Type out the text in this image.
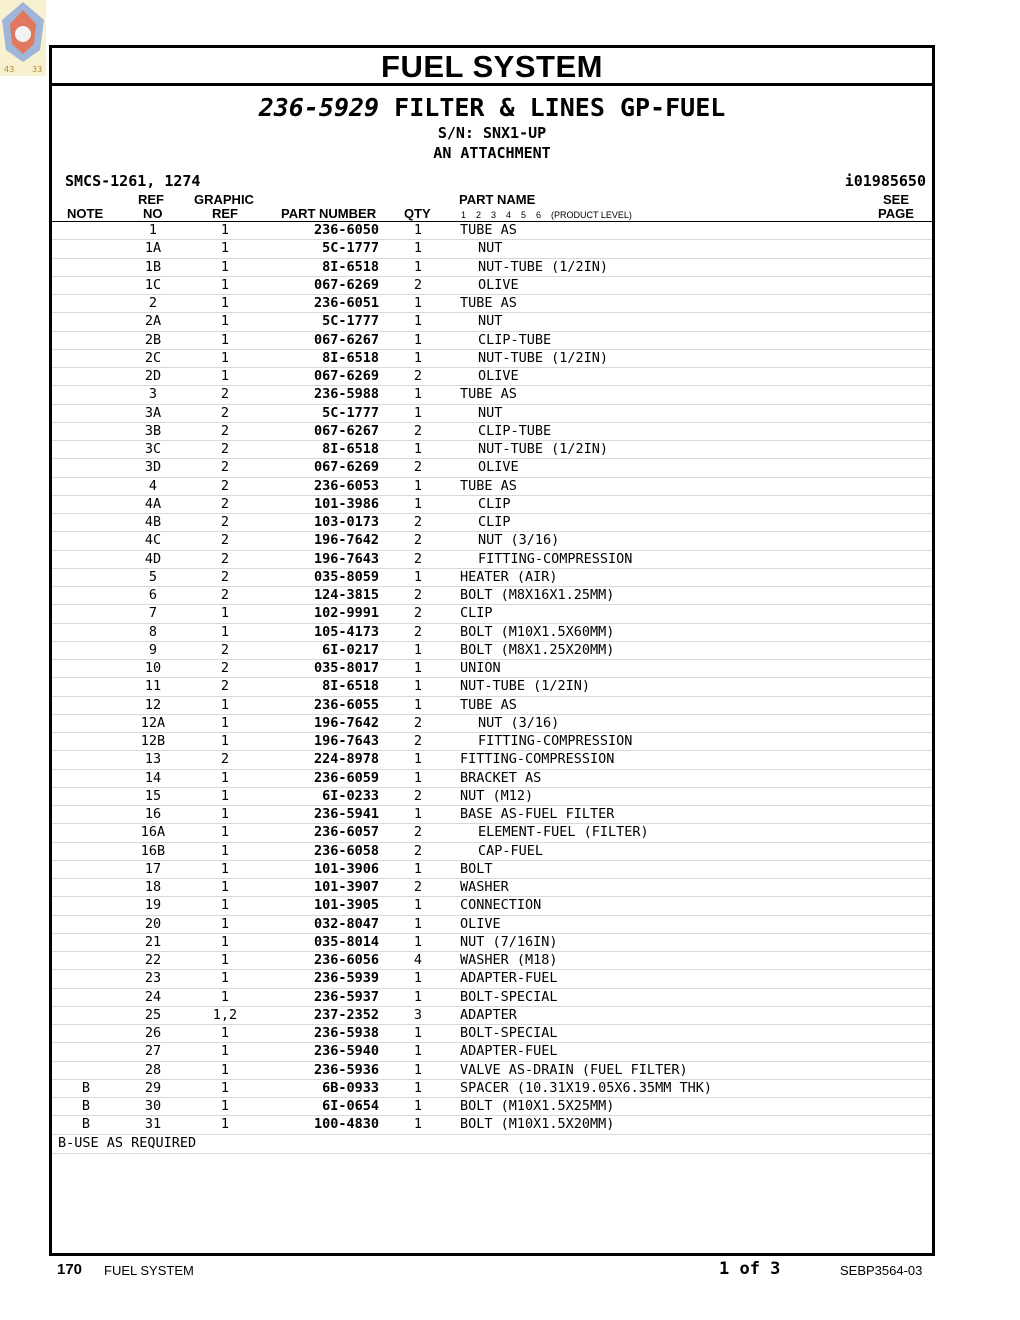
43 33	FUEL SYSTEM
236-5929 FILTER & LINES GP-FUEL
S/N: SNX1-UP
AN ATTACHMENT
SMCS-1261, 1274	i01985650
NOTE
REF
NO
GRAPHIC
REF	PART NUMBER QTY
PART NAME
1    2    3    4    5    6    (PRODUCT LEVEL)
SEE
PAGE
1	1	236-6050	1	TUBE AS
1A	1	5C-1777	1	NUT
1B	1	8I-6518	1	NUT-TUBE (1/2IN)
1C	1	067-6269	2	OLIVE
2	1	236-6051	1	TUBE AS
2A	1	5C-1777	1	NUT
2B	1	067-6267	1	CLIP-TUBE
2C	1	8I-6518	1	NUT-TUBE (1/2IN)
2D	1	067-6269	2	OLIVE
3	2	236-5988	1	TUBE AS
3A	2	5C-1777	1	NUT
3B	2	067-6267	2	CLIP-TUBE
3C	2	8I-6518	1	NUT-TUBE (1/2IN)
3D	2	067-6269	2	OLIVE
4	2	236-6053	1	TUBE AS
4A	2	101-3986	1	CLIP
4B	2	103-0173	2	CLIP
4C	2	196-7642	2	NUT (3/16)
4D	2	196-7643	2	FITTING-COMPRESSION
5	2	035-8059	1	HEATER (AIR)
6	2	124-3815	2	BOLT (M8X16X1.25MM)
7	1	102-9991	2	CLIP
8	1	105-4173	2	BOLT (M10X1.5X60MM)
9	2	6I-0217	1	BOLT (M8X1.25X20MM)
10	2	035-8017	1	UNION
11	2	8I-6518	1	NUT-TUBE (1/2IN)
12	1	236-6055	1	TUBE AS
12A	1	196-7642	2	NUT (3/16)
12B	1	196-7643	2	FITTING-COMPRESSION
13	2	224-8978	1	FITTING-COMPRESSION
14	1	236-6059	1	BRACKET AS
15	1	6I-0233	2	NUT (M12)
16	1	236-5941	1	BASE AS-FUEL FILTER
16A	1	236-6057	2	ELEMENT-FUEL (FILTER)
16B	1	236-6058	2	CAP-FUEL
17	1	101-3906	1	BOLT
18	1	101-3907	2	WASHER
19	1	101-3905	1	CONNECTION
20	1	032-8047	1	OLIVE
21	1	035-8014	1	NUT (7/16IN)
22	1	236-6056	4	WASHER (M18)
23	1	236-5939	1	ADAPTER-FUEL
24	1	236-5937	1	BOLT-SPECIAL
25	1,2	237-2352	3	ADAPTER
26	1	236-5938	1	BOLT-SPECIAL
27	1	236-5940	1	ADAPTER-FUEL
28	1	236-5936	1	VALVE AS-DRAIN (FUEL FILTER)
B	29	1	6B-0933	1	SPACER (10.31X19.05X6.35MM THK)
B	30	1	6I-0654	1	BOLT (M10X1.5X25MM)
B	31	1	100-4830	1	BOLT (M10X1.5X20MM)
B-USE AS REQUIRED
170 FUEL SYSTEM	1 of 3	SEBP3564-03
